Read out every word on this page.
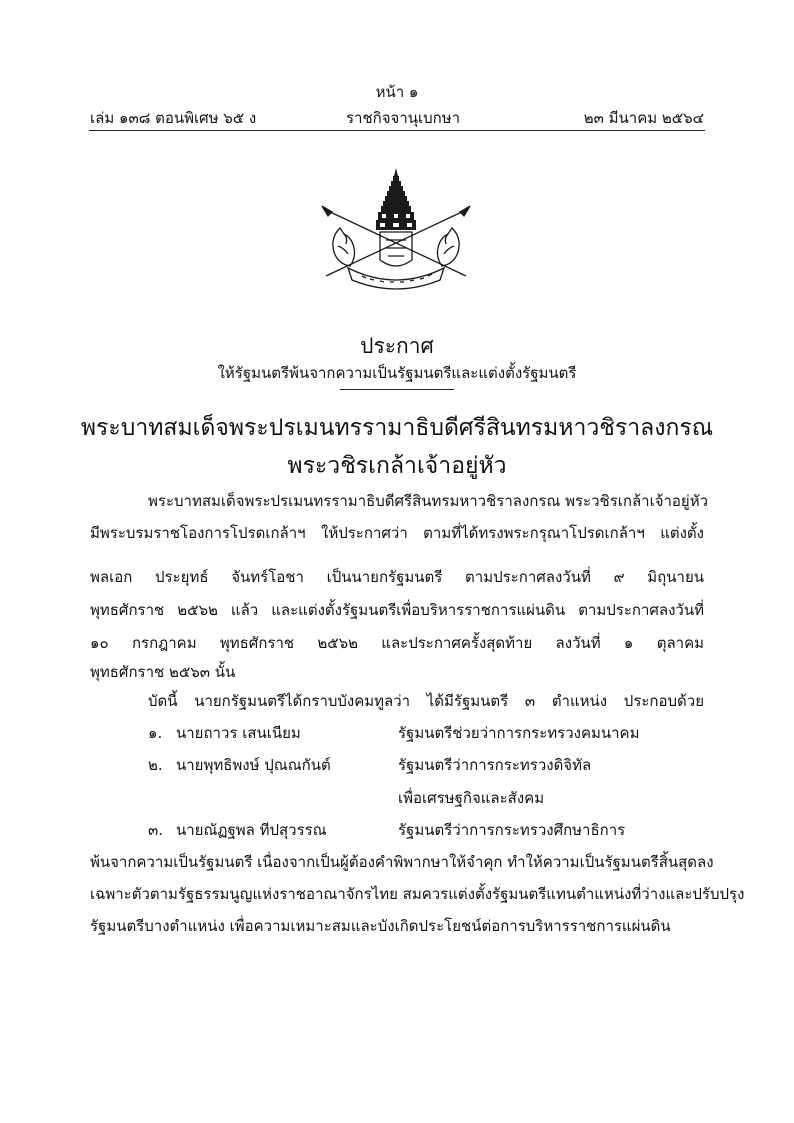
หน้า ๑
เล่ม ๑๓๘ ตอนพิเศษ ๖๕ ง	ราชกิจจานุเบกษา	๒๓ มีนาคม ๒๕๖๔
ประกาศ
ให้รัฐมนตรีพ้นจากความเป็นรัฐมนตรีและแต่งตั้งรัฐมนตรี
พระบาทสมเด็จพระปรเมนทรรามาธิบดีศรีสินทรมหาวชิราลงกรณ
พระวชิรเกล้าเจ้าอยู่หัว
พระบาทสมเด็จพระปรเมนทรรามาธิบดีศรีสินทรมหาวชิราลงกรณ พระวชิรเกล้าเจ้าอยู่หัว
มีพระบรมราชโองการโปรดเกล้าฯ ให้ประกาศว่า ตามที่ได้ทรงพระกรุณาโปรดเกล้าฯ แต่งตั้ง
พลเอก ประยุทธ์ จันทร์โอชา เป็นนายกรัฐมนตรี ตามประกาศลงวันที่ ๙ มิถุนายน
พุทธศักราช ๒๕๖๒ แล้ว และแต่งตั้งรัฐมนตรีเพื่อบริหารราชการแผ่นดิน ตามประกาศลงวันที่
๑๐ กรกฎาคม พุทธศักราช ๒๕๖๒ และประกาศครั้งสุดท้าย ลงวันที่ ๑ ตุลาคม
พุทธศักราช ๒๕๖๓ นั้น
บัดนี้ นายกรัฐมนตรีได้กราบบังคมทูลว่า ได้มีรัฐมนตรี ๓ ตำแหน่ง ประกอบด้วย
๑. นายถาวร เสนเนียม	รัฐมนตรีช่วยว่าการกระทรวงคมนาคม
๒. นายพุทธิพงษ์ ปุณณกันต์	รัฐมนตรีว่าการกระทรวงดิจิทัล
เพื่อเศรษฐกิจและสังคม
๓. นายณัฏฐพล ทีปสุวรรณ	รัฐมนตรีว่าการกระทรวงศึกษาธิการ
พ้นจากความเป็นรัฐมนตรี เนื่องจากเป็นผู้ต้องคำพิพากษาให้จำคุก ทำให้ความเป็นรัฐมนตรีสิ้นสุดลง
เฉพาะตัวตามรัฐธรรมนูญแห่งราชอาณาจักรไทย สมควรแต่งตั้งรัฐมนตรีแทนตำแหน่งที่ว่างและปรับปรุง
รัฐมนตรีบางตำแหน่ง เพื่อความเหมาะสมและบังเกิดประโยชน์ต่อการบริหารราชการแผ่นดิน
